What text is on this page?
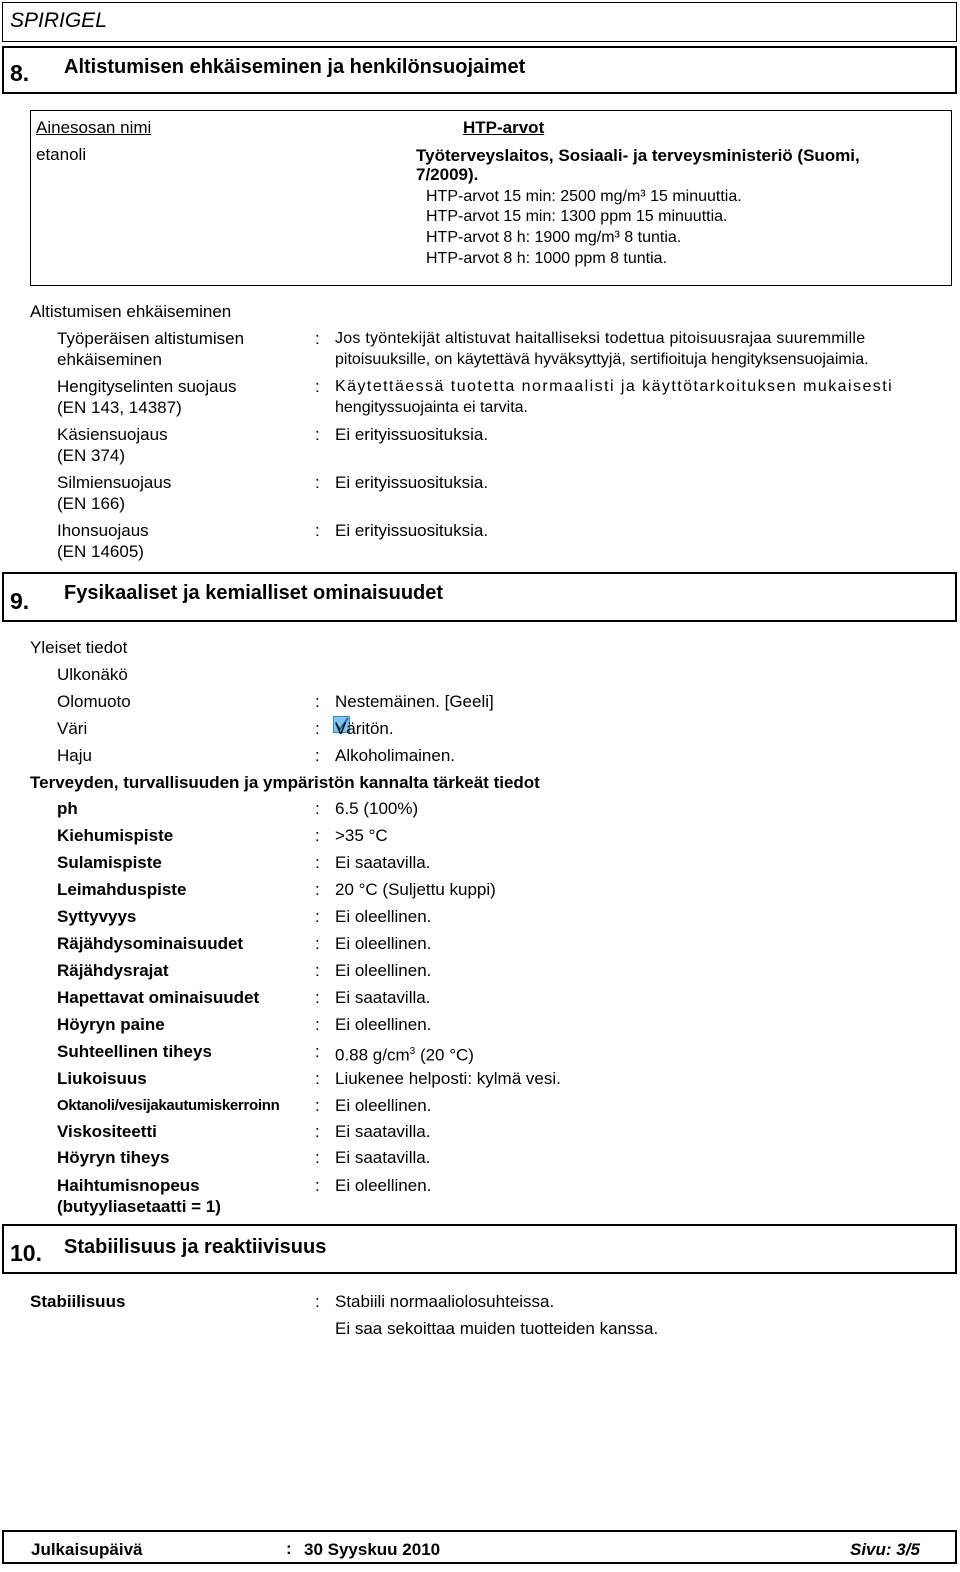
SPIRIGEL
8. Altistumisen ehkäiseminen ja henkilönsuojaimet
Ainesosan nimi	HTP-arvot
etanoli	Työterveyslaitos, Sosiaali- ja terveysministeriö (Suomi,
7/2009).
HTP-arvot 15 min: 2500 mg/m³ 15 minuuttia.
HTP-arvot 15 min: 1300 ppm 15 minuuttia.
HTP-arvot 8 h: 1900 mg/m³ 8 tuntia.
HTP-arvot 8 h: 1000 ppm 8 tuntia.
Altistumisen ehkäiseminen
Työperäisen altistumisen
ehkäiseminen
: Jos työntekijät altistuvat haitalliseksi todettua pitoisuusrajaa suuremmille
pitoisuuksille, on käytettävä hyväksyttyjä, sertifioituja hengityksensuojaimia.
Hengityselinten suojaus
(EN 143, 14387)
: Käytettäessä tuotetta normaalisti ja käyttötarkoituksen mukaisesti
hengityssuojainta ei tarvita.
Käsiensuojaus
(EN 374)
: Ei erityissuosituksia.
Silmiensuojaus
(EN 166)
: Ei erityissuosituksia.
Ihonsuojaus
(EN 14605)
: Ei erityissuosituksia.
9. Fysikaaliset ja kemialliset ominaisuudet
Yleiset tiedot
Ulkonäkö
Olomuoto	: Nestemäinen. [Geeli]
Väri	: Väritön.
Haju	: Alkoholimainen.
Terveyden, turvallisuuden ja ympäristön kannalta tärkeät tiedot
ph	: 6.5 (100%)
Kiehumispiste	: >35 °C
Sulamispiste	: Ei saatavilla.
Leimahduspiste	: 20 °C (Suljettu kuppi)
Syttyvyys	: Ei oleellinen.
Räjähdysominaisuudet	: Ei oleellinen.
Räjähdysrajat	: Ei oleellinen.
Hapettavat ominaisuudet	: Ei saatavilla.
Höyryn paine	: Ei oleellinen.
Suhteellinen tiheys	: 0.88 $g/cm^3$ (20 °C)
Liukoisuus	: Liukenee helposti: kylmä vesi.
Oktanoli/vesijakautumiskerroinn : Ei oleellinen.
Viskositeetti	: Ei saatavilla.
Höyryn tiheys	: Ei saatavilla.
Haihtumisnopeus
(butyyliasetaatti = 1)
: Ei oleellinen.
10. Stabiilisuus ja reaktiivisuus
Stabiilisuus	: Stabiili normaaliolosuhteissa.
Ei saa sekoittaa muiden tuotteiden kanssa.
Julkaisupäivä	: 30 Syyskuu 2010	Sivu: 3/5
